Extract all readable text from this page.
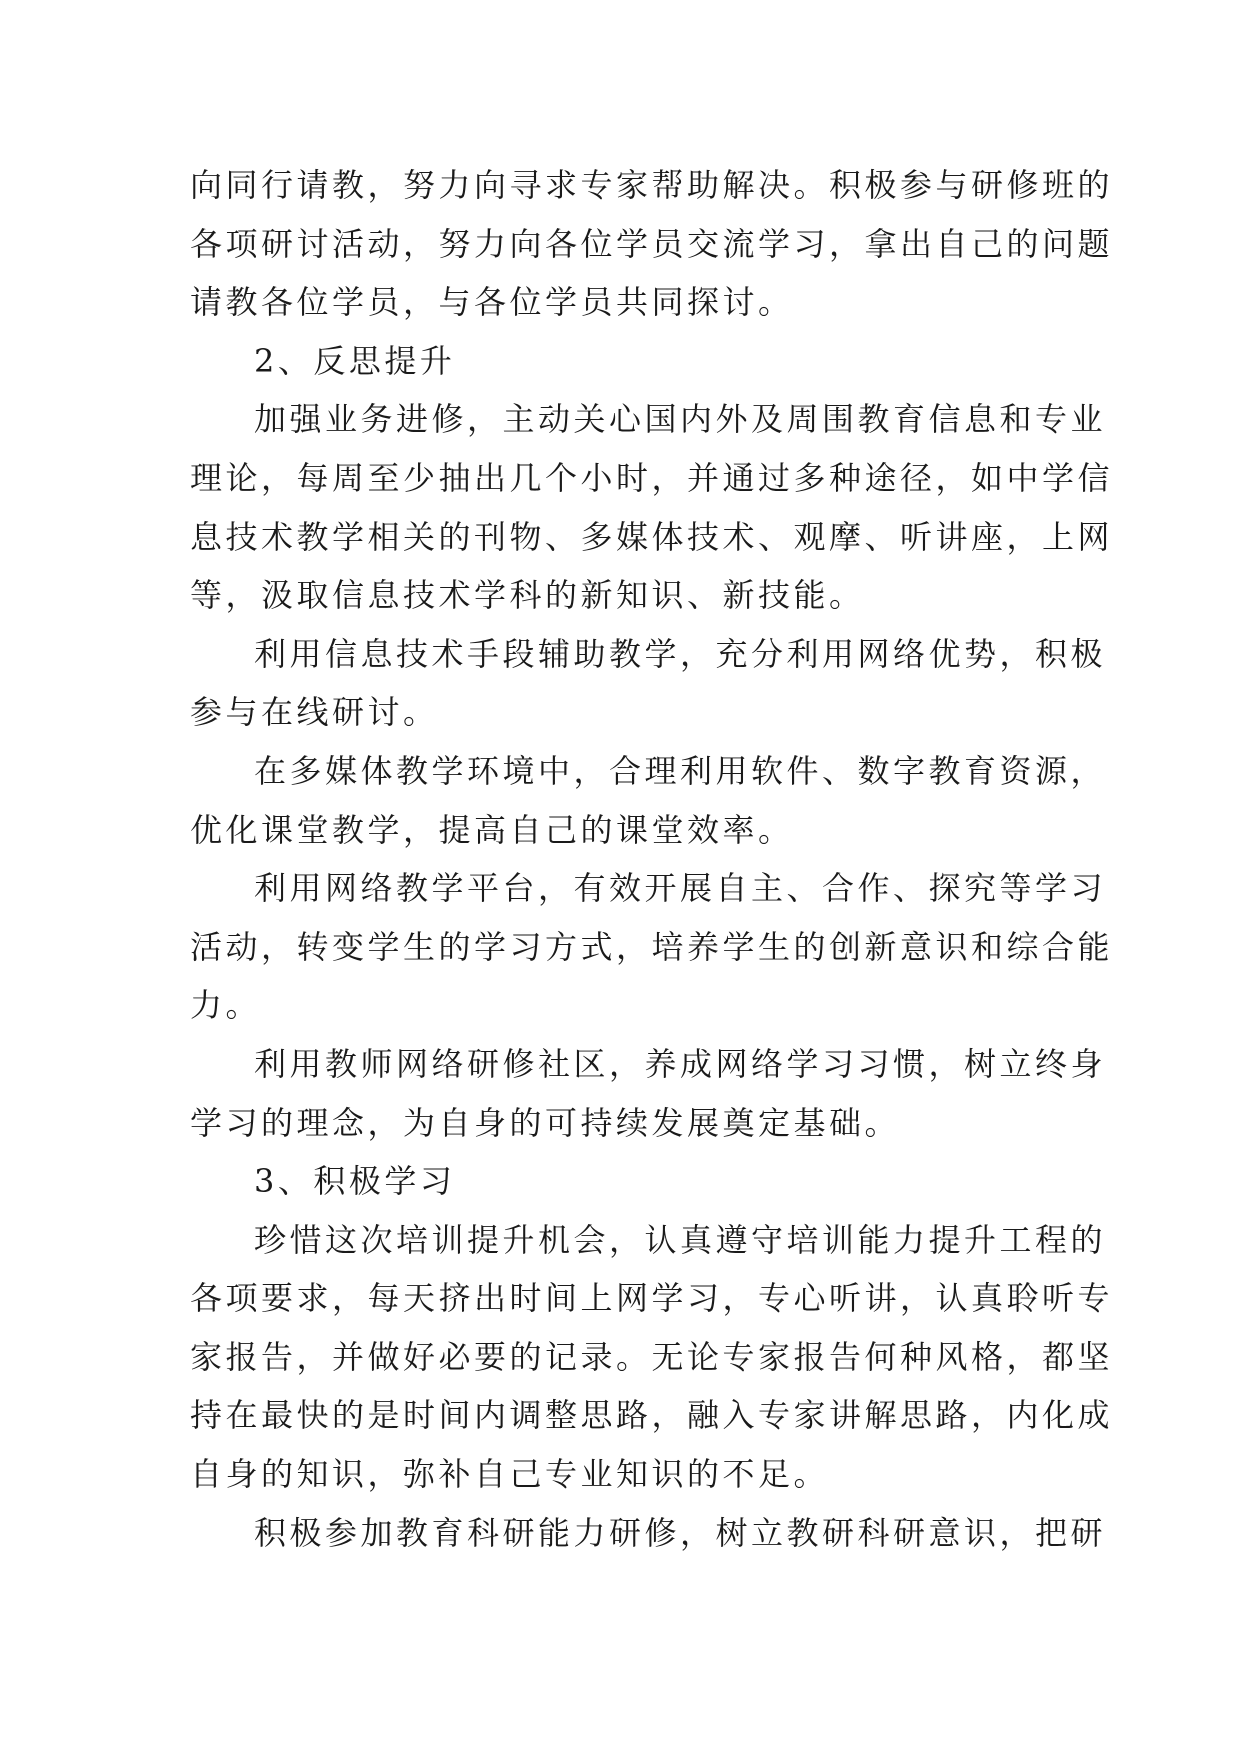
向同行请教，努力向寻求专家帮助解决。积极参与研修班的
各项研讨活动，努力向各位学员交流学习，拿出自己的问题
请教各位学员，与各位学员共同探讨。
2、反思提升
加强业务进修，主动关心国内外及周围教育信息和专业
理论，每周至少抽出几个小时，并通过多种途径，如中学信
息技术教学相关的刊物、多媒体技术、观摩、听讲座，上网
等，汲取信息技术学科的新知识、新技能。
利用信息技术手段辅助教学，充分利用网络优势，积极
参与在线研讨。
在多媒体教学环境中，合理利用软件、数字教育资源，
优化课堂教学，提高自己的课堂效率。
利用网络教学平台，有效开展自主、合作、探究等学习
活动，转变学生的学习方式，培养学生的创新意识和综合能
力。
利用教师网络研修社区，养成网络学习习惯，树立终身
学习的理念，为自身的可持续发展奠定基础。
3、积极学习
珍惜这次培训提升机会，认真遵守培训能力提升工程的
各项要求，每天挤出时间上网学习，专心听讲，认真聆听专
家报告，并做好必要的记录。无论专家报告何种风格，都坚
持在最快的是时间内调整思路，融入专家讲解思路，内化成
自身的知识，弥补自己专业知识的不足。
积极参加教育科研能力研修，树立教研科研意识，把研
